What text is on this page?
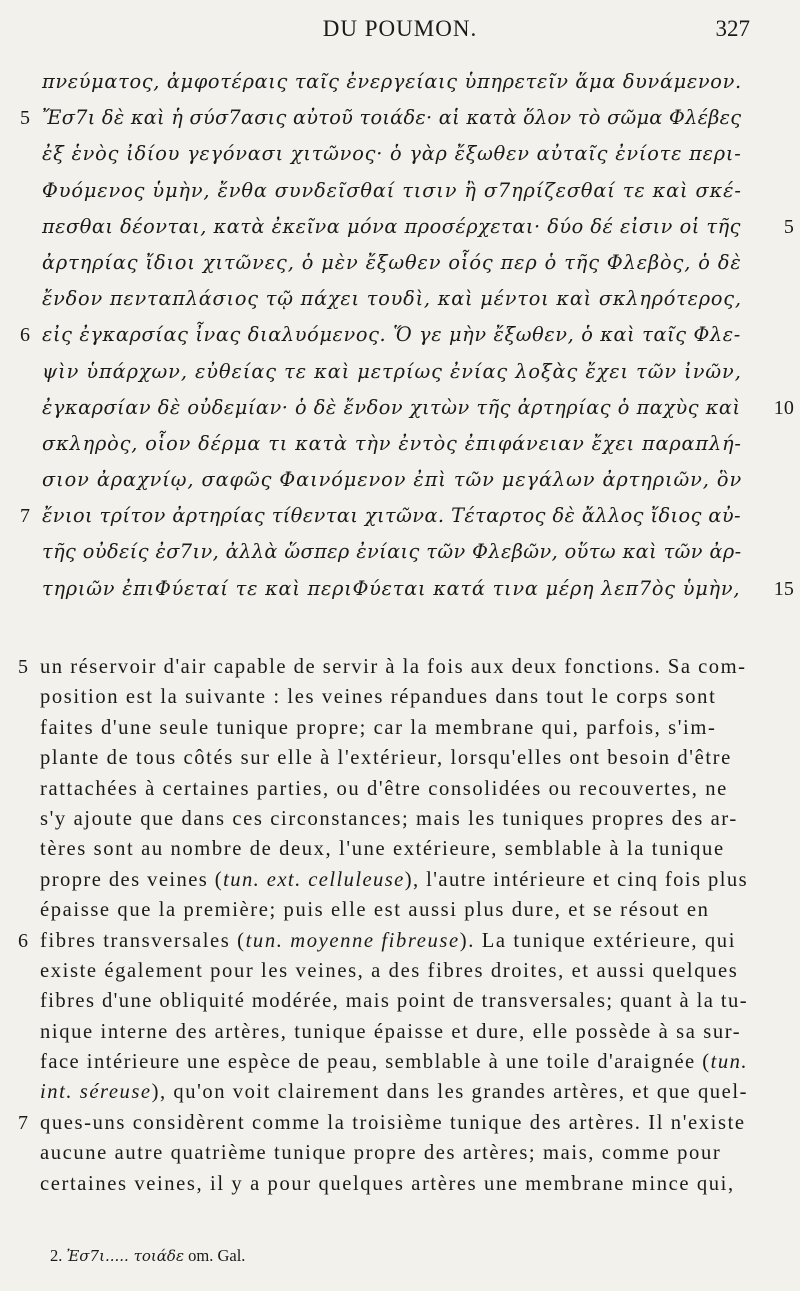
DU POUMON.	327
πνεύματος, ἀμφοτέραις ταῖς ἐνεργείαις ὑπηρετεῖν ἅμα δυνάμενον.
5 Ἔσ7ι δὲ καὶ ἡ σύσ7ασις αὐτοῦ τοιάδε· αἱ κατὰ ὅλον τὸ σῶμα Φλέβες
ἐξ ἑνὸς ἰδίου γεγόνασι χιτῶνος· ὁ γὰρ ἔξωθεν αὐταῖς ἐνίοτε περι-
Φυόμενος ὑμὴν, ἔνθα συνδεῖσθαί τισιν ἢ σ7ηρίζεσθαί τε καὶ σκέ-
πεσθαι δέονται, κατὰ ἐκεῖνα μόνα προσέρχεται· δύο δέ εἰσιν οἱ τῆς 5
ἀρτηρίας ἴδιοι χιτῶνες, ὁ μὲν ἔξωθεν οἷός περ ὁ τῆς Φλεβὸς, ὁ δὲ
ἔνδον πενταπλάσιος τῷ πάχει τουδὶ, καὶ μέντοι καὶ σκληρότερος,
6 εἰς ἐγκαρσίας ἶνας διαλυόμενος. Ὅ γε μὴν ἔξωθεν, ὁ καὶ ταῖς Φλε-
ψὶν ὑπάρχων, εὐθείας τε καὶ μετρίως ἐνίας λοξὰς ἔχει τῶν ἰνῶν,
ἐγκαρσίαν δὲ οὐδεμίαν· ὁ δὲ ἔνδον χιτὼν τῆς ἀρτηρίας ὁ παχὺς καὶ 10
σκληρὸς, οἷον δέρμα τι κατὰ τὴν ἐντὸς ἐπιφάνειαν ἔχει παραπλή-
σιον ἀραχνίῳ, σαφῶς Φαινόμενον ἐπὶ τῶν μεγάλων ἀρτηριῶν, ὃν
7 ἔνιοι τρίτον ἀρτηρίας τίθενται χιτῶνα. Τέταρτος δὲ ἄλλος ἴδιος αὐ-
τῆς οὐδείς ἐσ7ιν, ἀλλὰ ὥσπερ ἐνίαις τῶν Φλεβῶν, οὕτω καὶ τῶν ἀρ-
τηριῶν ἐπιΦύεταί τε καὶ περιΦύεται κατά τινα μέρη λεπ7ὸς ὑμὴν, 15
5 un réservoir d'air capable de servir à la fois aux deux fonctions. Sa com-
position est la suivante : les veines répandues dans tout le corps sont
faites d'une seule tunique propre; car la membrane qui, parfois, s'im-
plante de tous côtés sur elle à l'extérieur, lorsqu'elles ont besoin d'être
rattachées à certaines parties, ou d'être consolidées ou recouvertes, ne
s'y ajoute que dans ces circonstances; mais les tuniques propres des ar-
tères sont au nombre de deux, l'une extérieure, semblable à la tunique
propre des veines (tun. ext. celluleuse), l'autre intérieure et cinq fois plus
épaisse que la première; puis elle est aussi plus dure, et se résout en
6 fibres transversales (tun. moyenne fibreuse). La tunique extérieure, qui
existe également pour les veines, a des fibres droites, et aussi quelques
fibres d'une obliquité modérée, mais point de transversales; quant à la tu-
nique interne des artères, tunique épaisse et dure, elle possède à sa sur-
face intérieure une espèce de peau, semblable à une toile d'araignée (tun.
int. séreuse), qu'on voit clairement dans les grandes artères, et que quel-
7 ques-uns considèrent comme la troisième tunique des artères. Il n'existe
aucune autre quatrième tunique propre des artères; mais, comme pour
certaines veines, il y a pour quelques artères une membrane mince qui,
2. Ἐσ7ι..... τοιάδε om. Gal.
